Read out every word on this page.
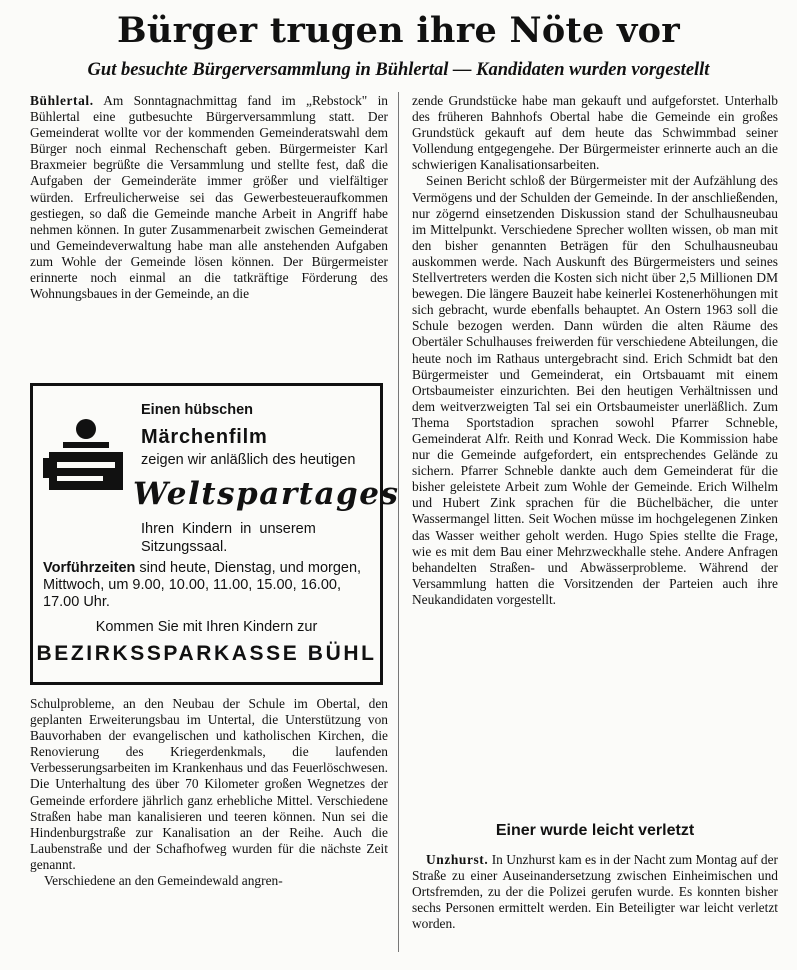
Bürger trugen ihre Nöte vor
Gut besuchte Bürgerversammlung in Bühlertal — Kandidaten wurden vorgestellt

Bühlertal. Am Sonntagnachmittag fand im „Rebstock" in Bühlertal eine gutbesuchte Bürgerversammlung statt. Der Gemeinderat wollte vor der kommenden Gemeinderatswahl dem Bürger noch einmal Rechenschaft geben. Bürgermeister Karl Braxmeier begrüßte die Versammlung und stellte fest, daß die Aufgaben der Gemeinderäte immer größer und vielfältiger würden. Erfreulicherweise sei das Gewerbesteueraufkommen gestiegen, so daß die Gemeinde manche Arbeit in Angriff habe nehmen können. In guter Zusammenarbeit zwischen Gemeinderat und Gemeindeverwaltung habe man alle anstehenden Aufgaben zum Wohle der Gemeinde lösen können. Der Bürgermeister erinnerte noch einmal an die tatkräftige Förderung des Wohnungsbaues in der Gemeinde, an die

Einen hübschen
Märchenfilm
zeigen wir anläßlich des heutigen
Weltspartages
Ihren Kindern in unserem Sitzungssaal.
Vorführzeiten sind heute, Dienstag, und morgen, Mittwoch, um 9.00, 10.00, 11.00, 15.00, 16.00, 17.00 Uhr.
Kommen Sie mit Ihren Kindern zur
BEZIRKSSPARKASSE BÜHL

Schulprobleme, an den Neubau der Schule im Obertal, den geplanten Erweiterungsbau im Untertal, die Unterstützung von Bauvorhaben der evangelischen und katholischen Kirchen, die Renovierung des Kriegerdenkmals, die laufenden Verbesserungsarbeiten im Krankenhaus und das Feuerlöschwesen. Die Unterhaltung des über 70 Kilometer großen Wegnetzes der Gemeinde erfordere jährlich ganz erhebliche Mittel. Verschiedene Straßen habe man kanalisieren und teeren können. Nun sei die Hindenburgstraße zur Kanalisation an der Reihe. Auch die Laubenstraße und der Schafhofweg wurden für die nächste Zeit genannt.

Verschiedene an den Gemeindewald angren-

zende Grundstücke habe man gekauft und aufgeforstet. Unterhalb des früheren Bahnhofs Obertal habe die Gemeinde ein großes Grundstück gekauft auf dem heute das Schwimmbad seiner Vollendung entgegengehe. Der Bürgermeister erinnerte auch an die schwierigen Kanalisationsarbeiten.

Seinen Bericht schloß der Bürgermeister mit der Aufzählung des Vermögens und der Schulden der Gemeinde. In der anschließenden, nur zögernd einsetzenden Diskussion stand der Schulhausneubau im Mittelpunkt. Verschiedene Sprecher wollten wissen, ob man mit den bisher genannten Beträgen für den Schulhausneubau auskommen werde. Nach Auskunft des Bürgermeisters und seines Stellvertreters werden die Kosten sich nicht über 2,5 Millionen DM bewegen. Die längere Bauzeit habe keinerlei Kostenerhöhungen mit sich gebracht, wurde ebenfalls behauptet. An Ostern 1963 soll die Schule bezogen werden. Dann würden die alten Räume des Obertäler Schulhauses freiwerden für verschiedene Abteilungen, die heute noch im Rathaus untergebracht sind. Erich Schmidt bat den Bürgermeister und Gemeinderat, ein Ortsbauamt mit einem Ortsbaumeister einzurichten. Bei den heutigen Verhältnissen und dem weitverzweigten Tal sei ein Ortsbaumeister unerläßlich. Zum Thema Sportstadion sprachen sowohl Pfarrer Schneble, Gemeinderat Alfr. Reith und Konrad Weck. Die Kommission habe nur die Gemeinde aufgefordert, ein entsprechendes Gelände zu sichern. Pfarrer Schneble dankte auch dem Gemeinderat für die bisher geleistete Arbeit zum Wohle der Gemeinde. Erich Wilhelm und Hubert Zink sprachen für die Büchelbächer, die unter Wassermangel litten. Seit Wochen müsse im hochgelegenen Zinken das Wasser weither geholt werden. Hugo Spies stellte die Frage, wie es mit dem Bau einer Mehrzweckhalle stehe. Andere Anfragen behandelten Straßen- und Abwässerprobleme. Während der Versammlung hatten die Vorsitzenden der Parteien auch ihre Neukandidaten vorgestellt.

Einer wurde leicht verletzt

Unzhurst. In Unzhurst kam es in der Nacht zum Montag auf der Straße zu einer Auseinandersetzung zwischen Einheimischen und Ortsfremden, zu der die Polizei gerufen wurde. Es konnten bisher sechs Personen ermittelt werden. Ein Beteiligter war leicht verletzt worden.
